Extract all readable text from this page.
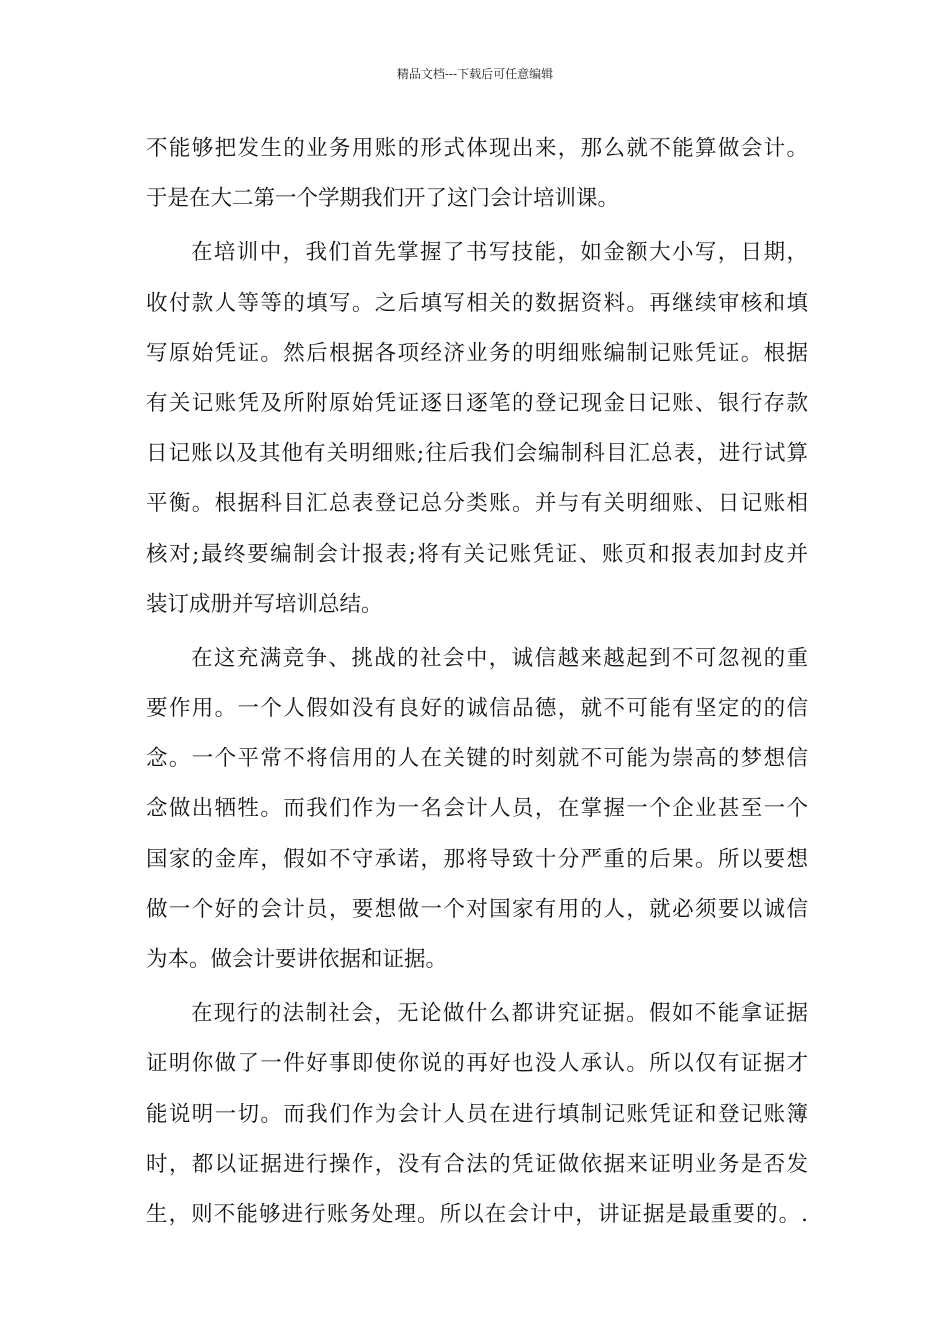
精品文档---下载后可任意编辑
不能够把发生的业务用账的形式体现出来，那么就不能算做会计。
于是在大二第一个学期我们开了这门会计培训课。
在培训中，我们首先掌握了书写技能，如金额大小写，日期，
收付款人等等的填写。之后填写相关的数据资料。再继续审核和填
写原始凭证。然后根据各项经济业务的明细账编制记账凭证。根据
有关记账凭及所附原始凭证逐日逐笔的登记现金日记账、银行存款
日记账以及其他有关明细账;往后我们会编制科目汇总表，进行试算
平衡。根据科目汇总表登记总分类账。并与有关明细账、日记账相
核对;最终要编制会计报表;将有关记账凭证、账页和报表加封皮并
装订成册并写培训总结。
在这充满竞争、挑战的社会中，诚信越来越起到不可忽视的重
要作用。一个人假如没有良好的诚信品德，就不可能有坚定的的信
念。一个平常不将信用的人在关键的时刻就不可能为崇高的梦想信
念做出牺牲。而我们作为一名会计人员，在掌握一个企业甚至一个
国家的金库，假如不守承诺，那将导致十分严重的后果。所以要想
做一个好的会计员，要想做一个对国家有用的人，就必须要以诚信
为本。做会计要讲依据和证据。
在现行的法制社会，无论做什么都讲究证据。假如不能拿证据
证明你做了一件好事即使你说的再好也没人承认。所以仅有证据才
能说明一切。而我们作为会计人员在进行填制记账凭证和登记账簿
时，都以证据进行操作，没有合法的凭证做依据来证明业务是否发
生，则不能够进行账务处理。所以在会计中，讲证据是最重要的。.
